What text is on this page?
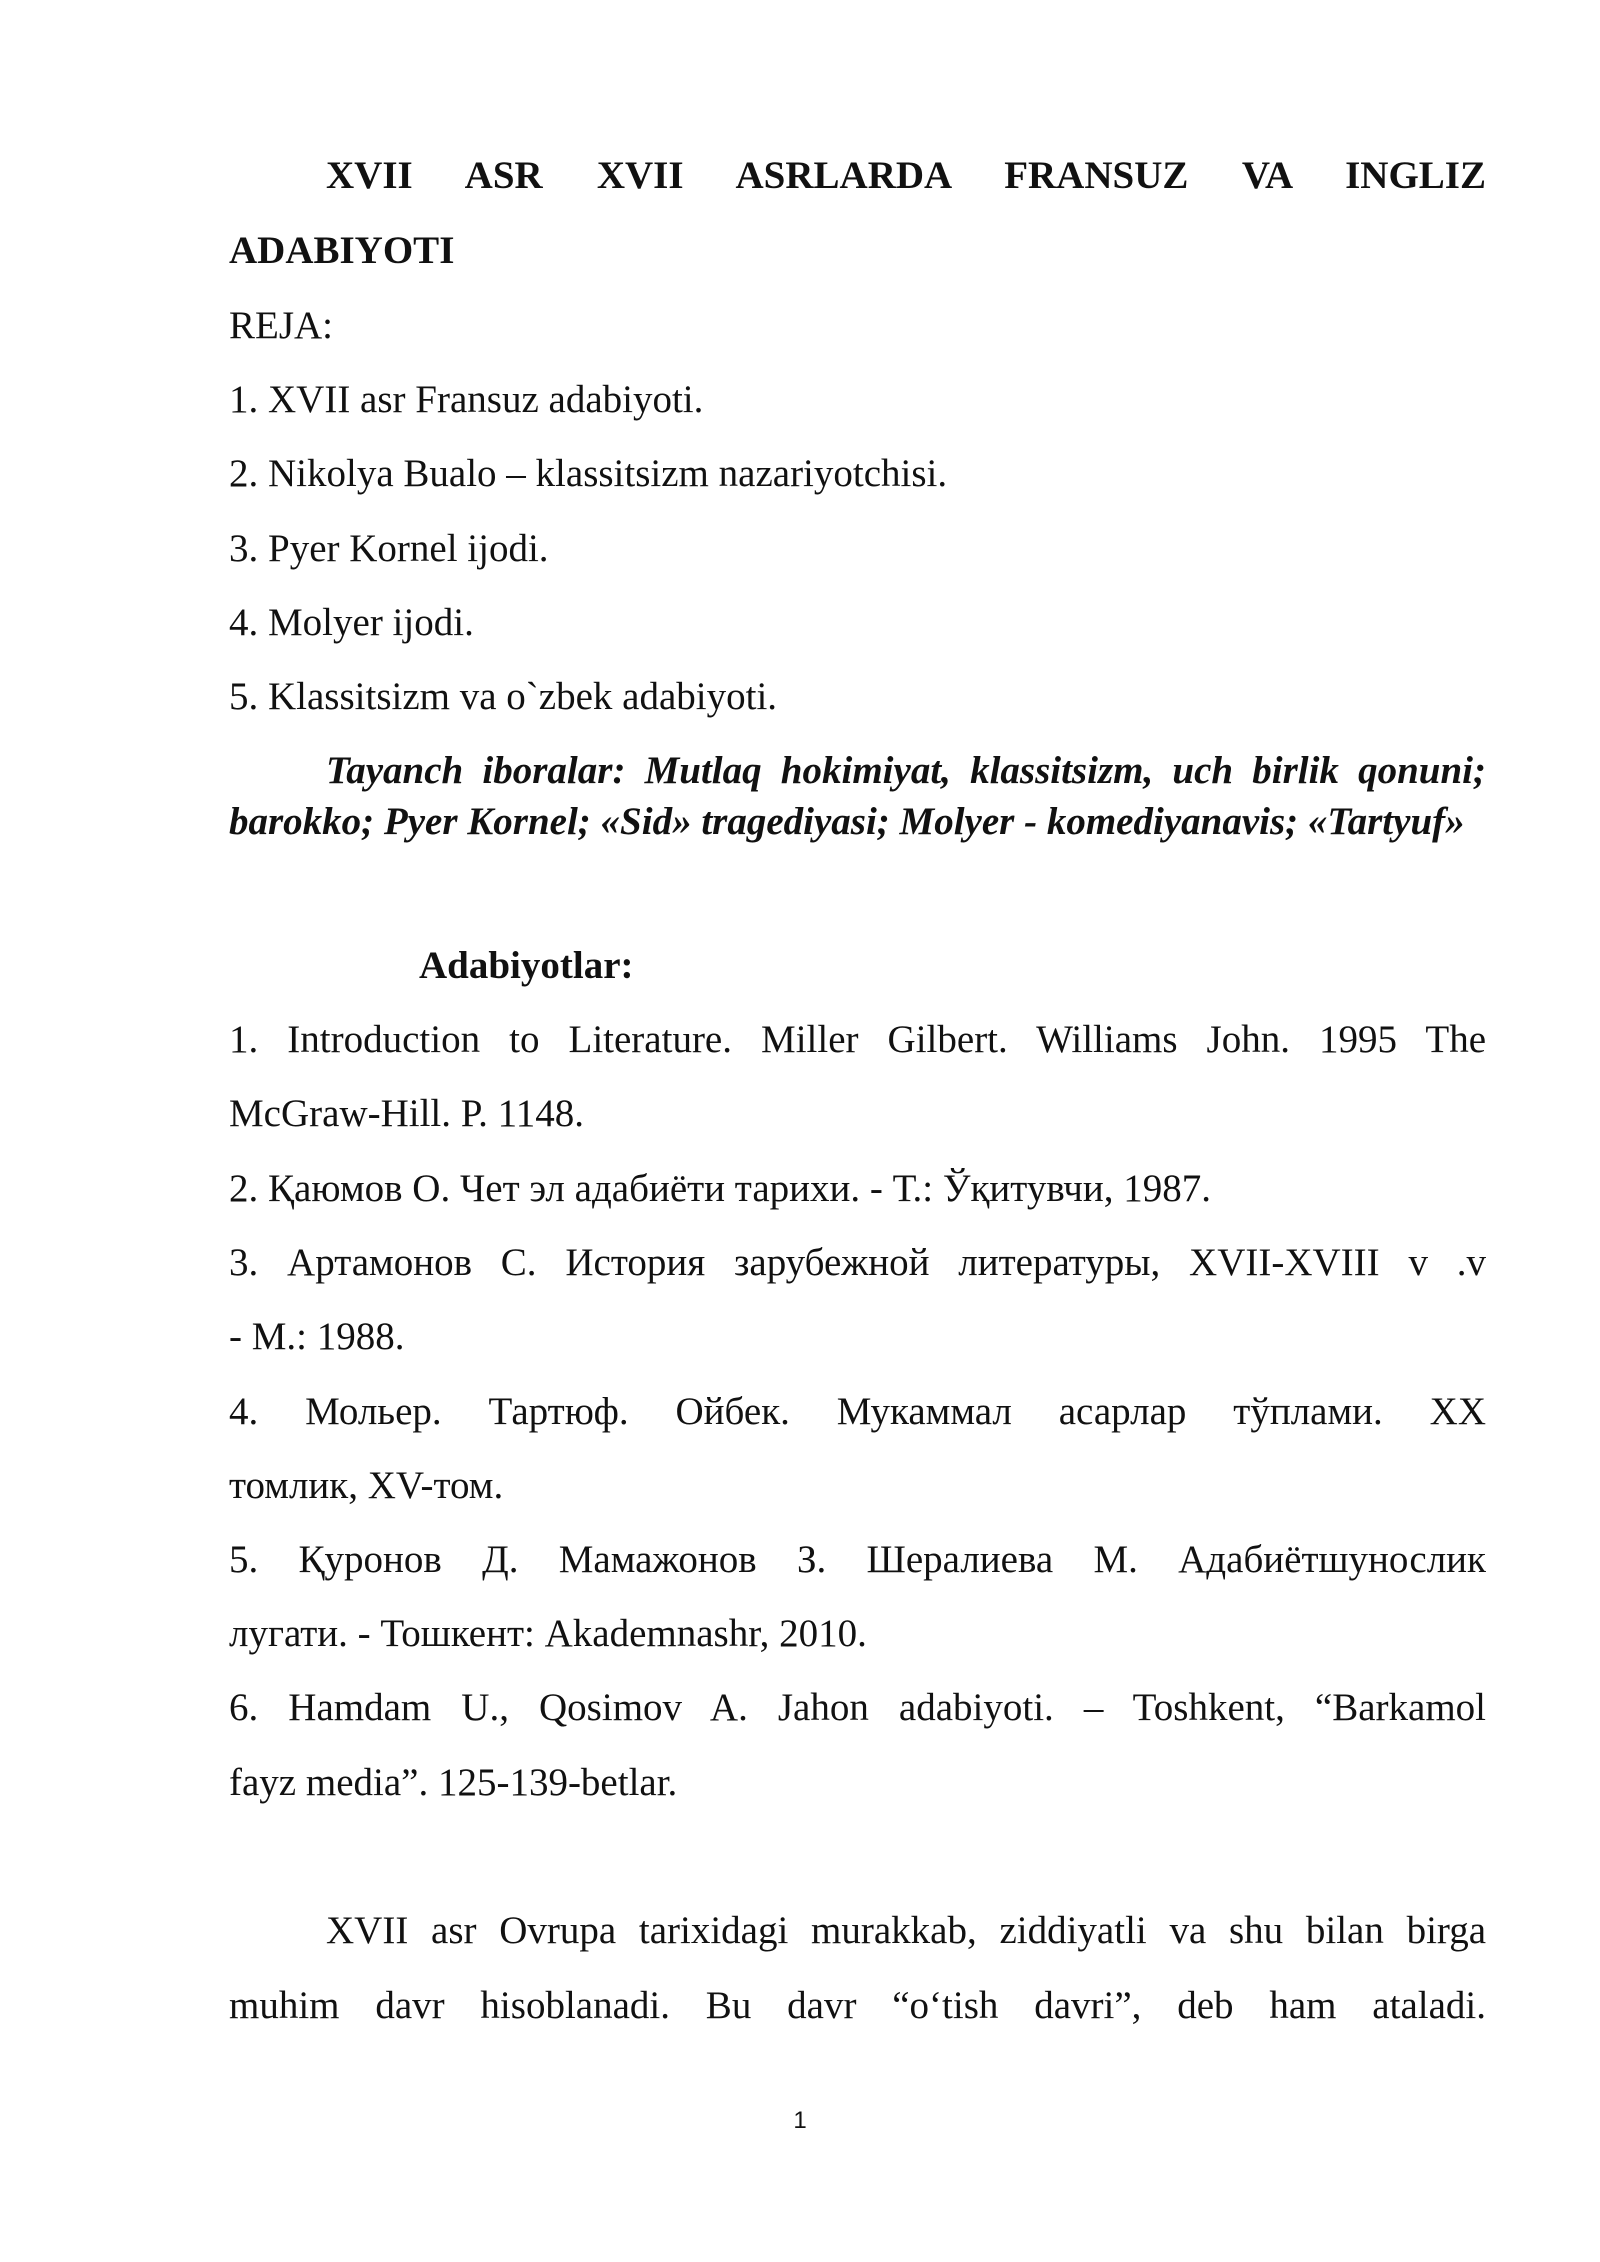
XVII ASR XVII ASRLARDA FRANSUZ VA INGLIZ
ADABIYOTI
REJA:
1. XVII asr Fransuz adabiyoti.
2. Nikolya Bualo – klassitsizm nazariyotchisi.
3. Pyer Kornel ijodi.
4. Molyer ijodi.
5. Klassitsizm va o`zbek adabiyoti.
Tayanch iboralar: Mutlaq hokimiyat, klassitsizm, uch birlik qonuni; barokko; Pyer Kornel; «Sid» tragediyasi; Molyer - komediyanavis; «Tartyuf»
Adabiyotlar:
1. Introduction to Literature. Miller Gilbert. Williams John. 1995 The
McGraw-Hill. P. 1148.
2. Қаюмов О. Чет эл адабиёти тарихи. - Т.: Ўқитувчи, 1987.
3. Артамонов С. История зарубежной литературы, XVII-XVIII v .v
- M.: 1988.
4. Мольер. Тартюф. Ойбек. Мукаммал асарлар тўплами. XX
томлик, XV-том.
5. Қуронов Д. Мамажонов З. Шералиева М. Адабиётшунослик
лугати. - Тошкент: Akademnashr, 2010.
6. Hamdam U., Qosimov A. Jahon adabiyoti. – Toshkent, “Barkamol
fayz media”. 125-139-betlar.
XVII asr Ovrupa tarixidagi murakkab, ziddiyatli va shu bilan birga
muhim davr hisoblanadi. Bu davr “o‘tish davri”, deb ham ataladi.
1
